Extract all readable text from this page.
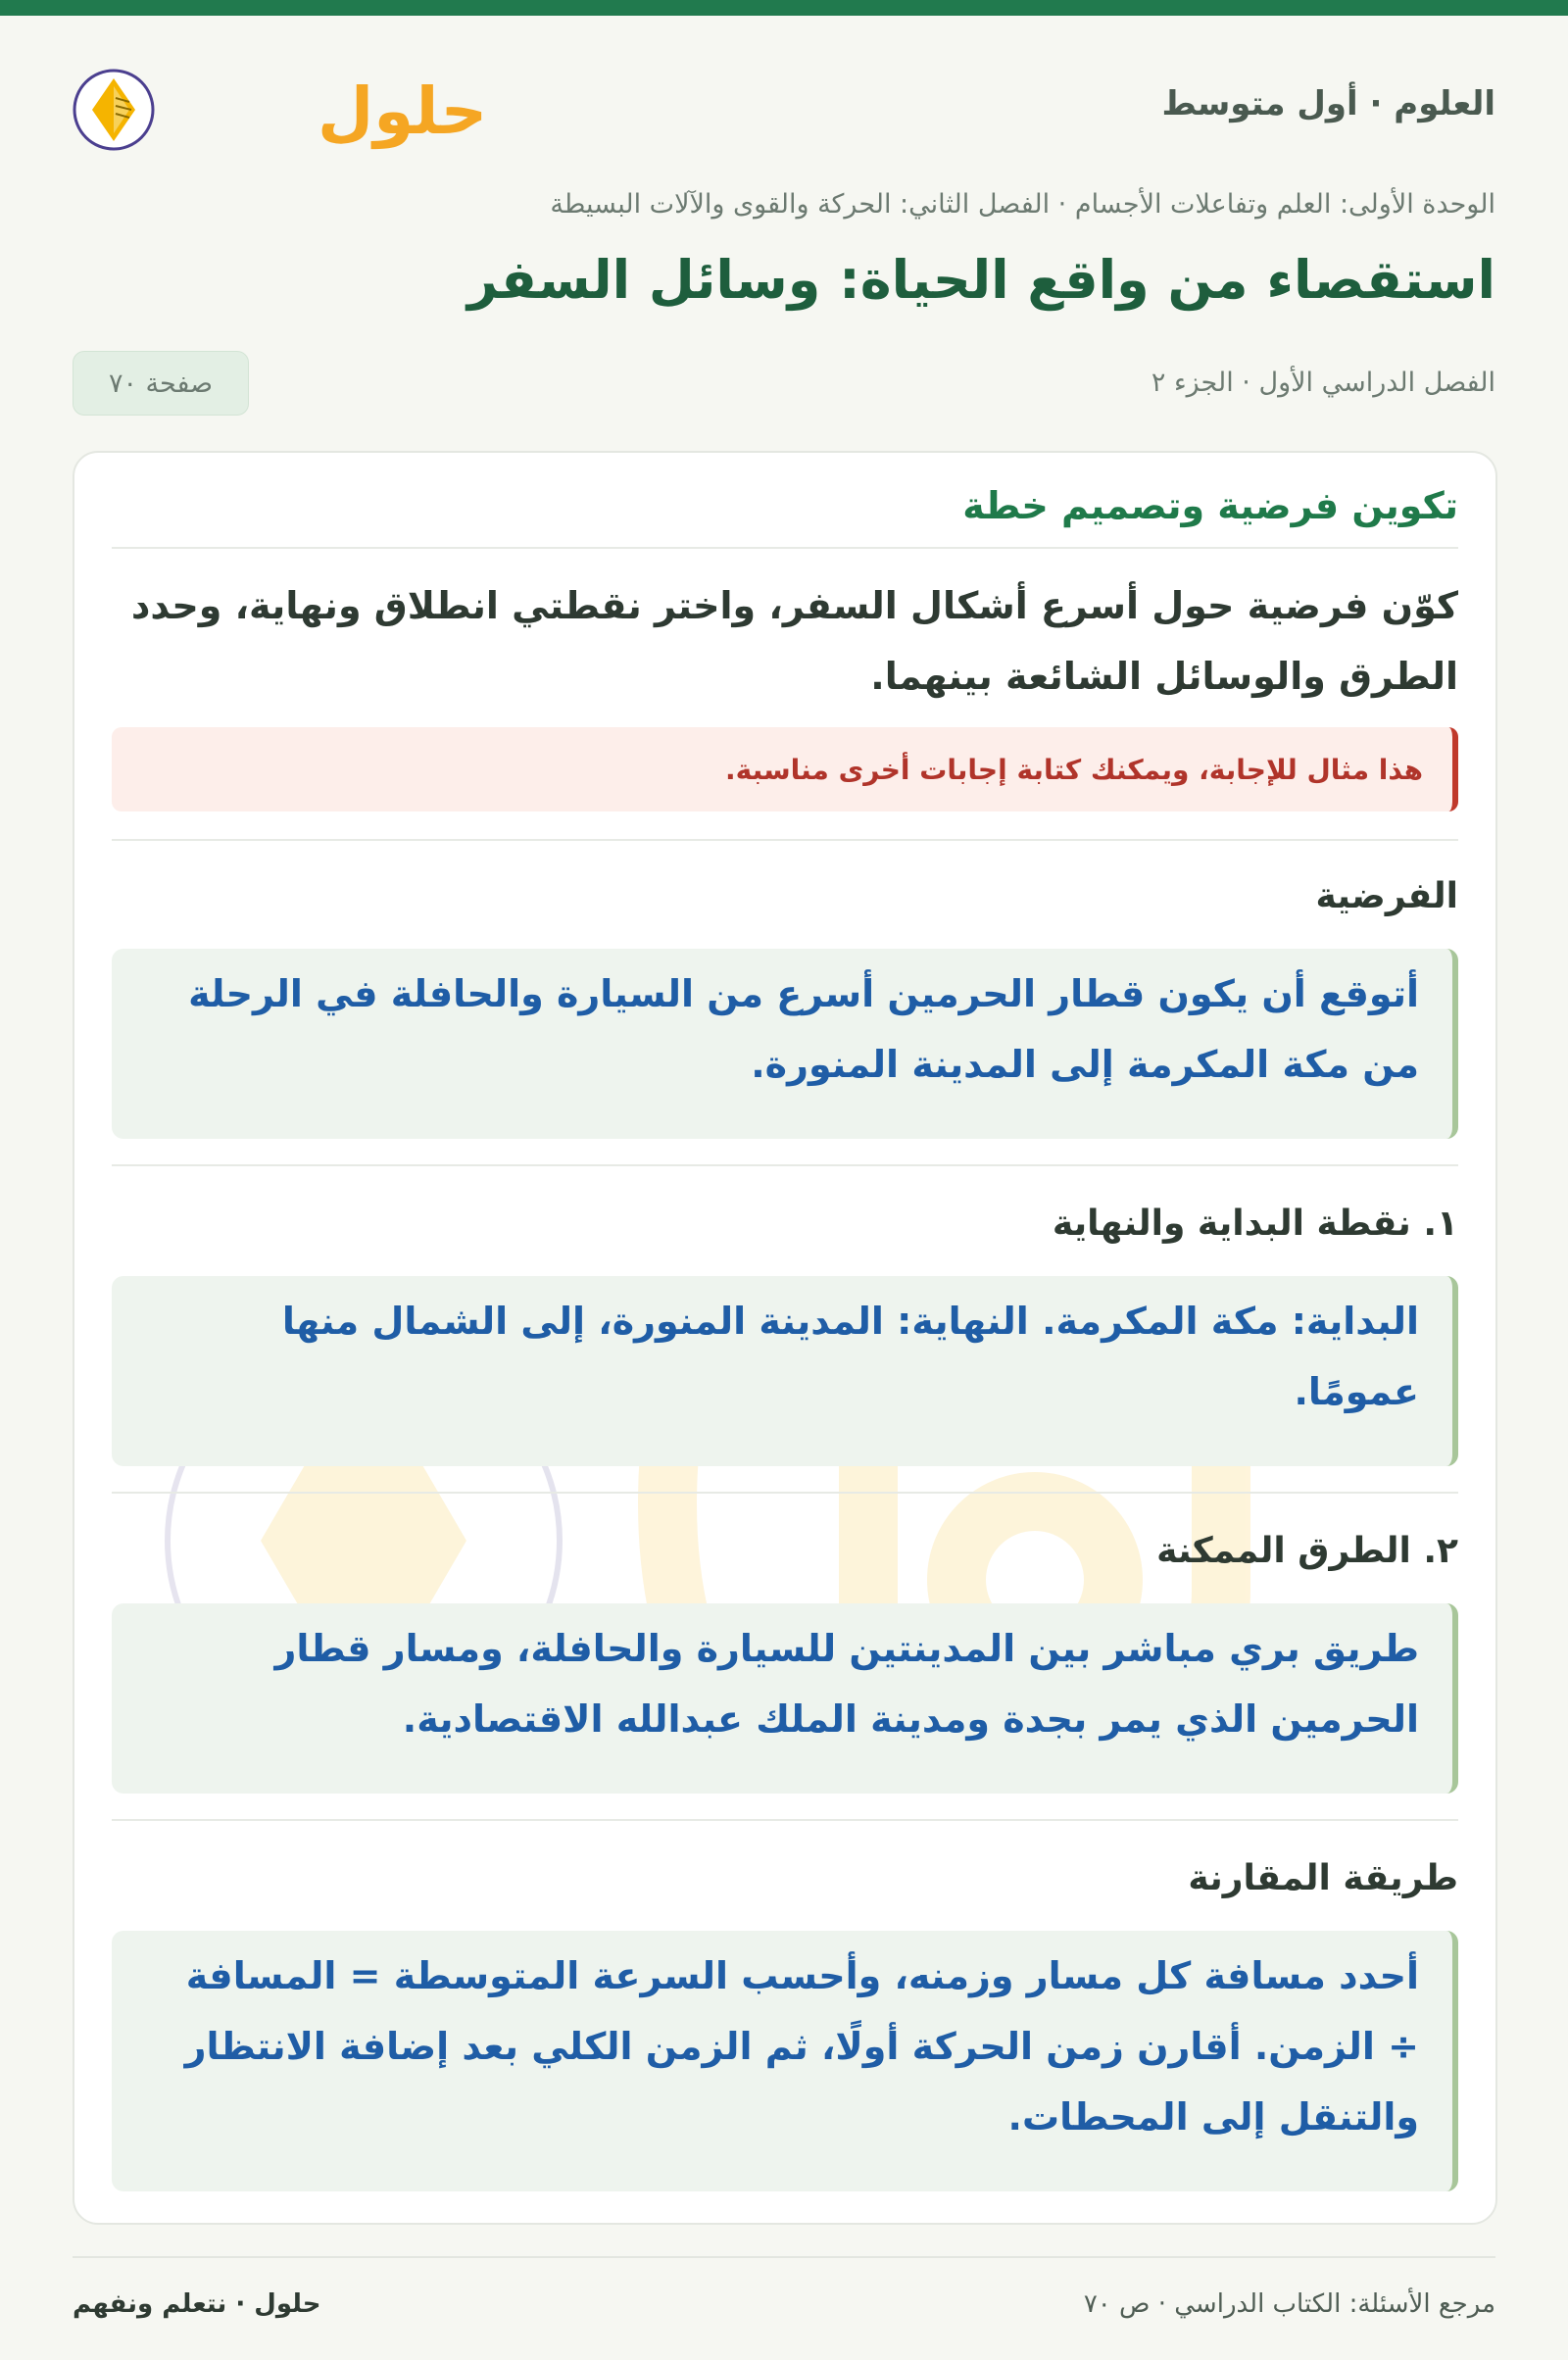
العلوم · أول متوسط
حلول
الوحدة الأولى: العلم وتفاعلات الأجسام · الفصل الثاني: الحركة والقوى والآلات البسيطة
استقصاء من واقع الحياة: وسائل السفر
الفصل الدراسي الأول · الجزء ٢
صفحة ٧٠
تكوين فرضية وتصميم خطة
كوّن فرضية حول أسرع أشكال السفر، واختر نقطتي انطلاق ونهاية، وحدد الطرق والوسائل الشائعة بينهما.
هذا مثال للإجابة، ويمكنك كتابة إجابات أخرى مناسبة.
الفرضية
أتوقع أن يكون قطار الحرمين أسرع من السيارة والحافلة في الرحلة من مكة المكرمة إلى المدينة المنورة.
١. نقطة البداية والنهاية
البداية: مكة المكرمة. النهاية: المدينة المنورة، إلى الشمال منها عمومًا.
٢. الطرق الممكنة
طريق بري مباشر بين المدينتين للسيارة والحافلة، ومسار قطار الحرمين الذي يمر بجدة ومدينة الملك عبدالله الاقتصادية.
طريقة المقارنة
أحدد مسافة كل مسار وزمنه، وأحسب السرعة المتوسطة = المسافة ÷ الزمن. أقارن زمن الحركة أولًا، ثم الزمن الكلي بعد إضافة الانتظار والتنقل إلى المحطات.
مرجع الأسئلة: الكتاب الدراسي · ص ٧٠
حلول · نتعلم ونفهم
